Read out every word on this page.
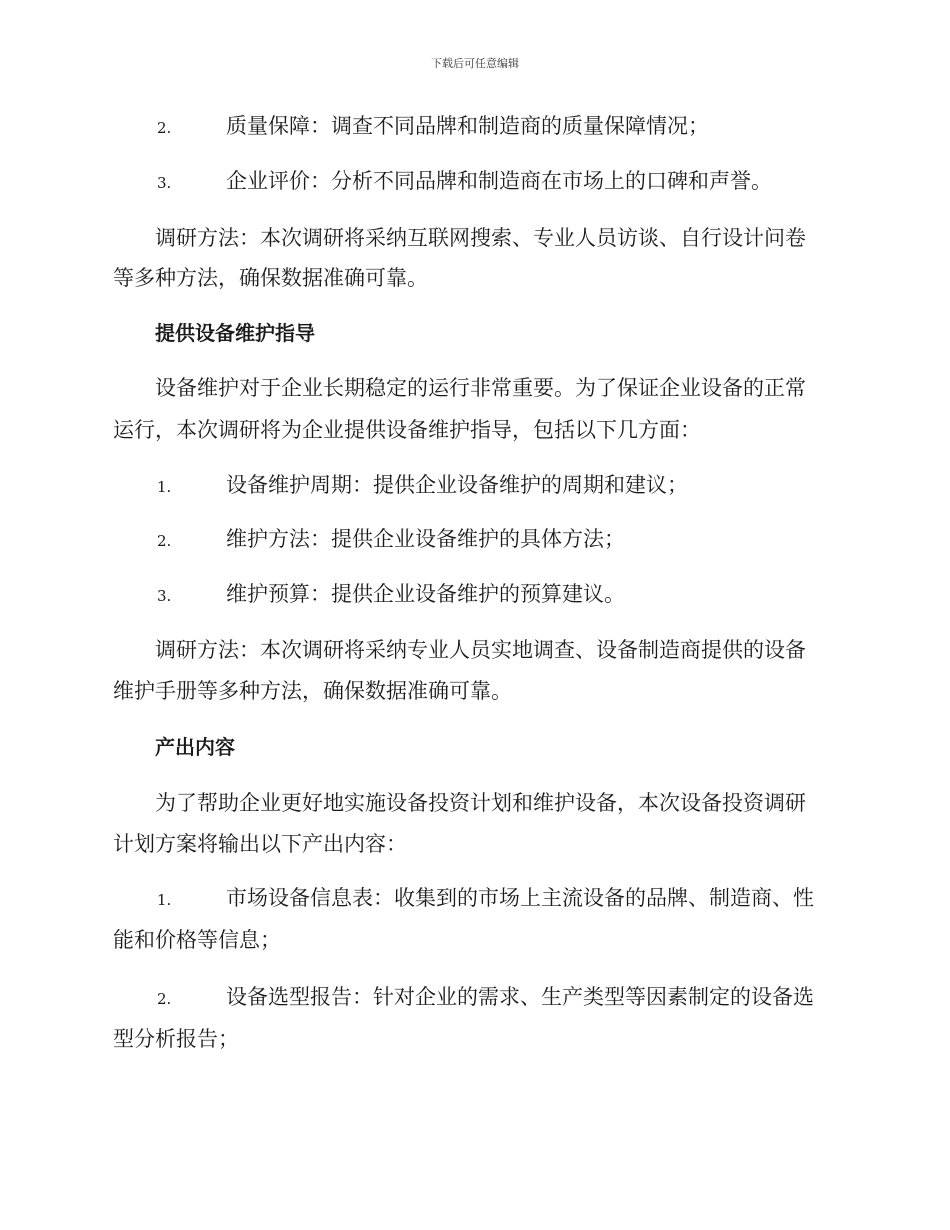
下载后可任意编辑
2.	质量保障：调查不同品牌和制造商的质量保障情况；
3.	企业评价：分析不同品牌和制造商在市场上的口碑和声誉。
调研方法：本次调研将采纳互联网搜索、专业人员访谈、自行设计问卷
等多种方法，确保数据准确可靠。
提供设备维护指导
设备维护对于企业长期稳定的运行非常重要。为了保证企业设备的正常
运行，本次调研将为企业提供设备维护指导，包括以下几方面：
1.	设备维护周期：提供企业设备维护的周期和建议；
2.	维护方法：提供企业设备维护的具体方法；
3.	维护预算：提供企业设备维护的预算建议。
调研方法：本次调研将采纳专业人员实地调查、设备制造商提供的设备
维护手册等多种方法，确保数据准确可靠。
产出内容
为了帮助企业更好地实施设备投资计划和维护设备，本次设备投资调研
计划方案将输出以下产出内容：
1.	市场设备信息表：收集到的市场上主流设备的品牌、制造商、性
能和价格等信息；
2.	设备选型报告：针对企业的需求、生产类型等因素制定的设备选
型分析报告；
